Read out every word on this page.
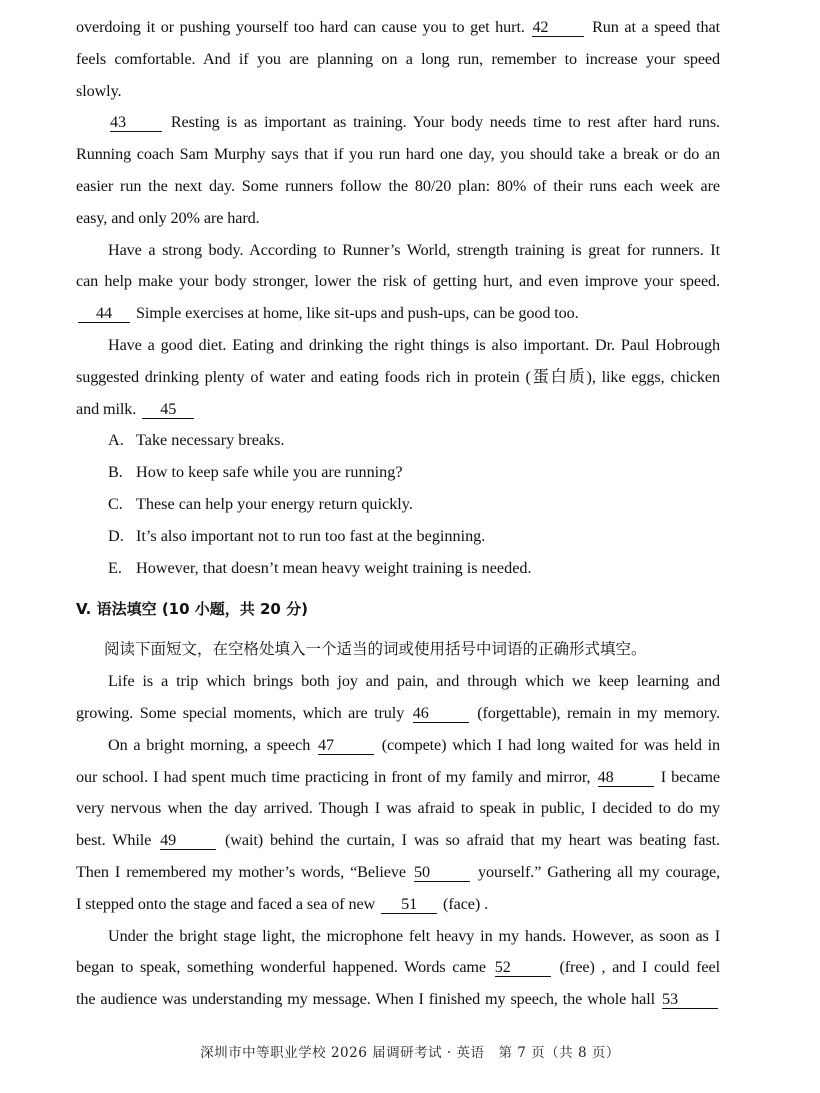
overdoing it or pushing yourself too hard can cause you to get hurt. 42	Run at a speed that
feels comfortable. And if you are planning on a long run, remember to increase your speed
slowly.
43	Resting is as important as training. Your body needs time to rest after hard runs.
Running coach Sam Murphy says that if you run hard one day, you should take a break or do an
easier run the next day. Some runners follow the 80/20 plan: 80% of their runs each week are
easy, and only 20% are hard.
Have a strong body. According to Runner’s World, strength training is great for runners. It
can help make your body stronger, lower the risk of getting hurt, and even improve your speed.
44 Simple exercises at home, like sit-ups and push-ups, can be good too.
Have a good diet. Eating and drinking the right things is also important. Dr. Paul Hobrough
suggested drinking plenty of water and eating foods rich in protein (蛋白质), like eggs, chicken
and milk. 45
A. Take necessary breaks.
B. How to keep safe while you are running?
C. These can help your energy return quickly.
D. It’s also important not to run too fast at the beginning.
E. However, that doesn’t mean heavy weight training is needed.
V. 语法填空 (10 小题，共 20 分)
阅读下面短文，在空格处填入一个适当的词或使用括号中词语的正确形式填空。
Life is a trip which brings both joy and pain, and through which we keep learning and
growing. Some special moments, which are truly 46	(forgettable), remain in my memory.
On a bright morning, a speech 47	(compete) which I had long waited for was held in
our school. I had spent much time practicing in front of my family and mirror, 48	I became
very nervous when the day arrived. Though I was afraid to speak in public, I decided to do my
best. While 49	(wait) behind the curtain, I was so afraid that my heart was beating fast.
Then I remembered my mother’s words, “Believe 50	yourself.” Gathering all my courage,
I stepped onto the stage and faced a sea of new 51 (face) .
Under the bright stage light, the microphone felt heavy in my hands. However, as soon as I
began to speak, something wonderful happened. Words came 52	(free) , and I could feel
the audience was understanding my message. When I finished my speech, the whole hall 53
深圳市中等职业学校 2026 届调研考试 · 英语　第 7 页（共 8 页）
